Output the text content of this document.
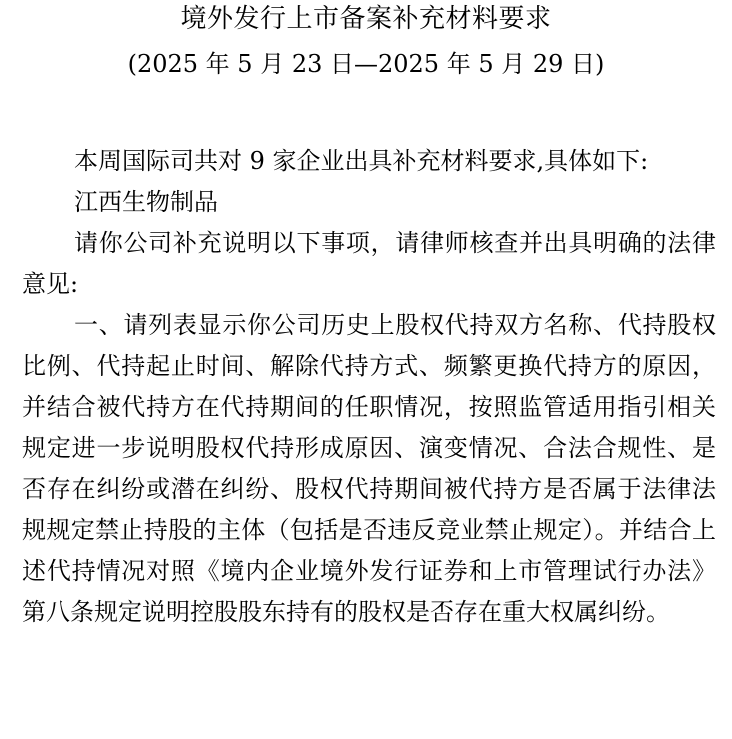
境外发行上市备案补充材料要求
(2025 年 5 月 23 日—2025 年 5 月 29 日)

本周国际司共对 9 家企业出具补充材料要求,具体如下:

江西生物制品

请你公司补充说明以下事项，请律师核查并出具明确的法律意见:

一、请列表显示你公司历史上股权代持双方名称、代持股权比例、代持起止时间、解除代持方式、频繁更换代持方的原因，并结合被代持方在代持期间的任职情况，按照监管适用指引相关规定进一步说明股权代持形成原因、演变情况、合法合规性、是否存在纠纷或潜在纠纷、股权代持期间被代持方是否属于法律法规规定禁止持股的主体（包括是否违反竞业禁止规定）。并结合上述代持情况对照《境内企业境外发行证券和上市管理试行办法》第八条规定说明控股股东持有的股权是否存在重大权属纠纷。
